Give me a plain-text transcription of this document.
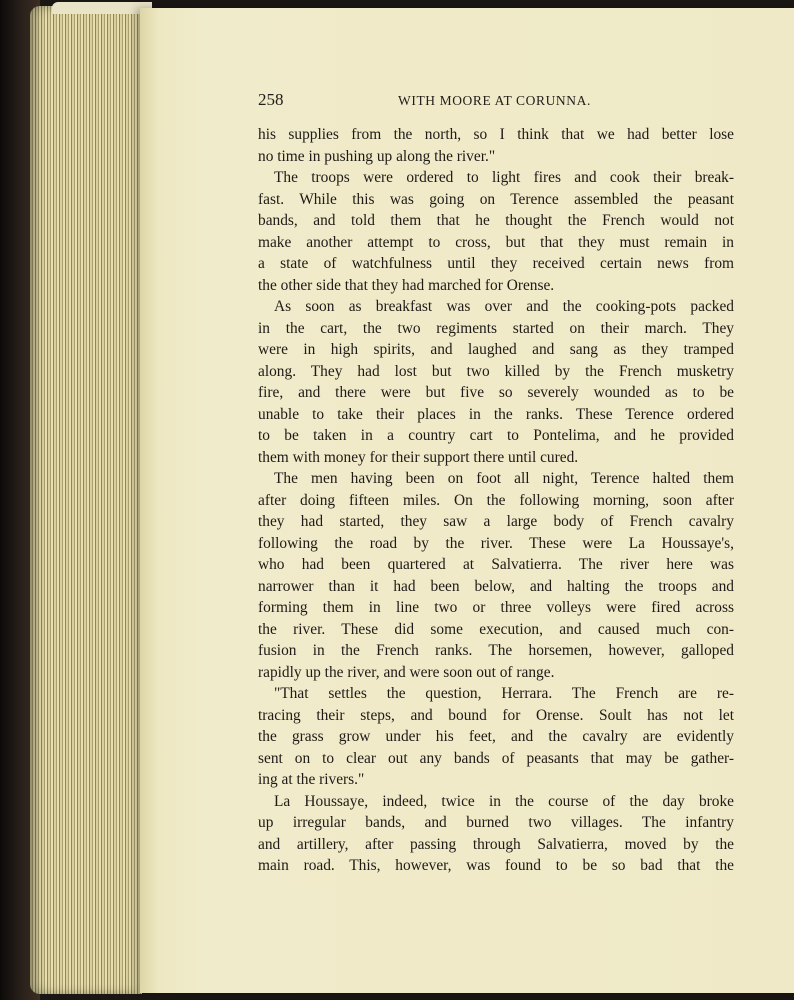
258	WITH MOORE AT CORUNNA.
his supplies from the north, so I think that we had better lose
no time in pushing up along the river."
The troops were ordered to light fires and cook their break-
fast. While this was going on Terence assembled the peasant
bands, and told them that he thought the French would not
make another attempt to cross, but that they must remain in
a state of watchfulness until they received certain news from
the other side that they had marched for Orense.
As soon as breakfast was over and the cooking-pots packed
in the cart, the two regiments started on their march. They
were in high spirits, and laughed and sang as they tramped
along. They had lost but two killed by the French musketry
fire, and there were but five so severely wounded as to be
unable to take their places in the ranks. These Terence ordered
to be taken in a country cart to Pontelima, and he provided
them with money for their support there until cured.
The men having been on foot all night, Terence halted them
after doing fifteen miles. On the following morning, soon after
they had started, they saw a large body of French cavalry
following the road by the river. These were La Houssaye's,
who had been quartered at Salvatierra. The river here was
narrower than it had been below, and halting the troops and
forming them in line two or three volleys were fired across
the river. These did some execution, and caused much con-
fusion in the French ranks. The horsemen, however, galloped
rapidly up the river, and were soon out of range.
"That settles the question, Herrara. The French are re-
tracing their steps, and bound for Orense. Soult has not let
the grass grow under his feet, and the cavalry are evidently
sent on to clear out any bands of peasants that may be gather-
ing at the rivers."
La Houssaye, indeed, twice in the course of the day broke
up irregular bands, and burned two villages. The infantry
and artillery, after passing through Salvatierra, moved by the
main road. This, however, was found to be so bad that the
